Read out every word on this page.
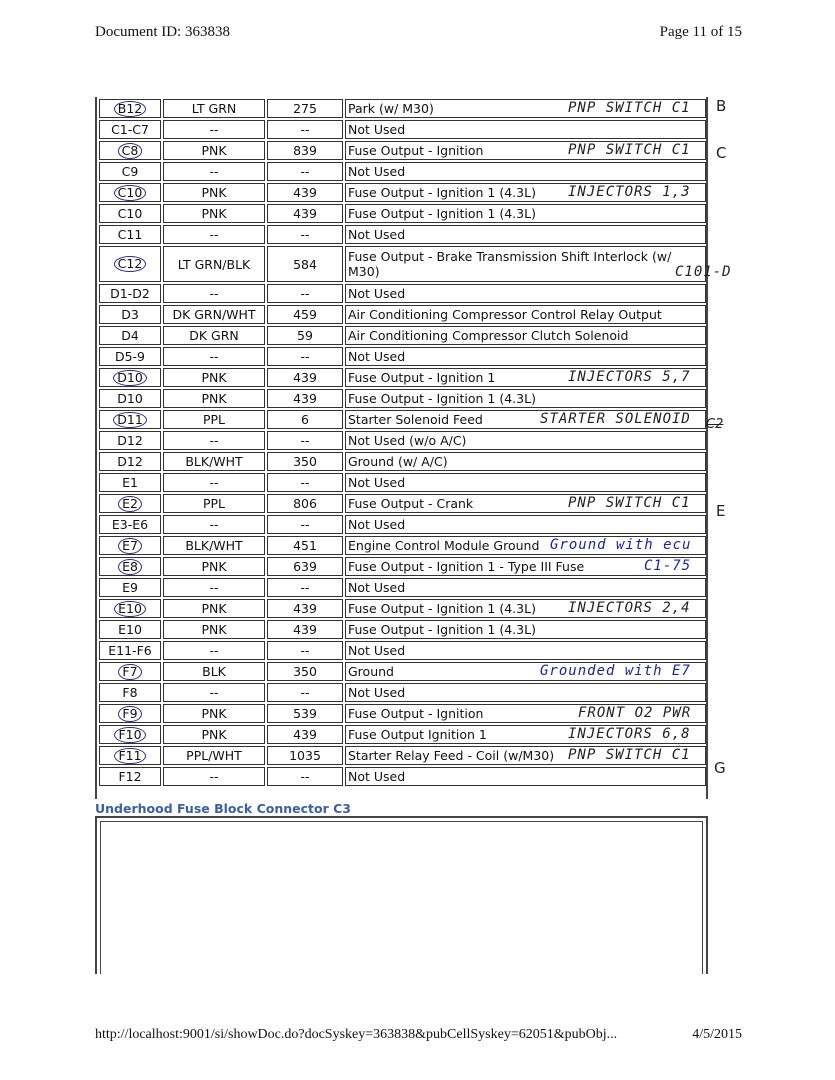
Document ID: 363838	Page 11 of 15
B12	LT GRN	275	Park (w/ M30) PNP SWITCH C1

C1-C7	--	--	Not Used
C8	PNK	839	Fuse Output - Ignition PNP SWITCH C1

C9	--	--	Not Used
C10	PNK	439	Fuse Output - Ignition 1 (4.3L) INJECTORS 1,3

C10	PNK	439	Fuse Output - Ignition 1 (4.3L)
C11	--	--	Not Used
C12	LT GRN/BLK	584	Fuse Output - Brake Transmission Shift Interlock (w/ M30) C101-D

D1-D2	--	--	Not Used
D3	DK GRN/WHT	459	Air Conditioning Compressor Control Relay Output
D4	DK GRN	59	Air Conditioning Compressor Clutch Solenoid
D5-9	--	--	Not Used
D10	PNK	439	Fuse Output - Ignition 1 INJECTORS 5,7

D10	PNK	439	Fuse Output - Ignition 1 (4.3L)
D11	PPL	6	Starter Solenoid Feed STARTER SOLENOID

D12	--	--	Not Used (w/o A/C)
D12	BLK/WHT	350	Ground (w/ A/C)
E1	--	--	Not Used
E2	PPL	806	Fuse Output - Crank PNP SWITCH C1

E3-E6	--	--	Not Used
E7	BLK/WHT	451	Engine Control Module Ground Ground with ecu

E8	PNK	639	Fuse Output - Ignition 1 - Type III Fuse C1-75

E9	--	--	Not Used
E10	PNK	439	Fuse Output - Ignition 1 (4.3L) INJECTORS 2,4

E10	PNK	439	Fuse Output - Ignition 1 (4.3L)
E11-F6	--	--	Not Used
F7	BLK	350	Ground Grounded with E7

F8	--	--	Not Used
F9	PNK	539	Fuse Output - Ignition FRONT O2 PWR

F10	PNK	439	Fuse Output Ignition 1 INJECTORS 6,8

F11	PPL/WHT	1035	Starter Relay Feed - Coil (w/M30) PNP SWITCH C1

F12	--	--	Not Used
B
C
C2
E
G
Underhood Fuse Block Connector C3
http://localhost:9001/si/showDoc.do?docSyskey=363838&pubCellSyskey=62051&pubObj...	4/5/2015
